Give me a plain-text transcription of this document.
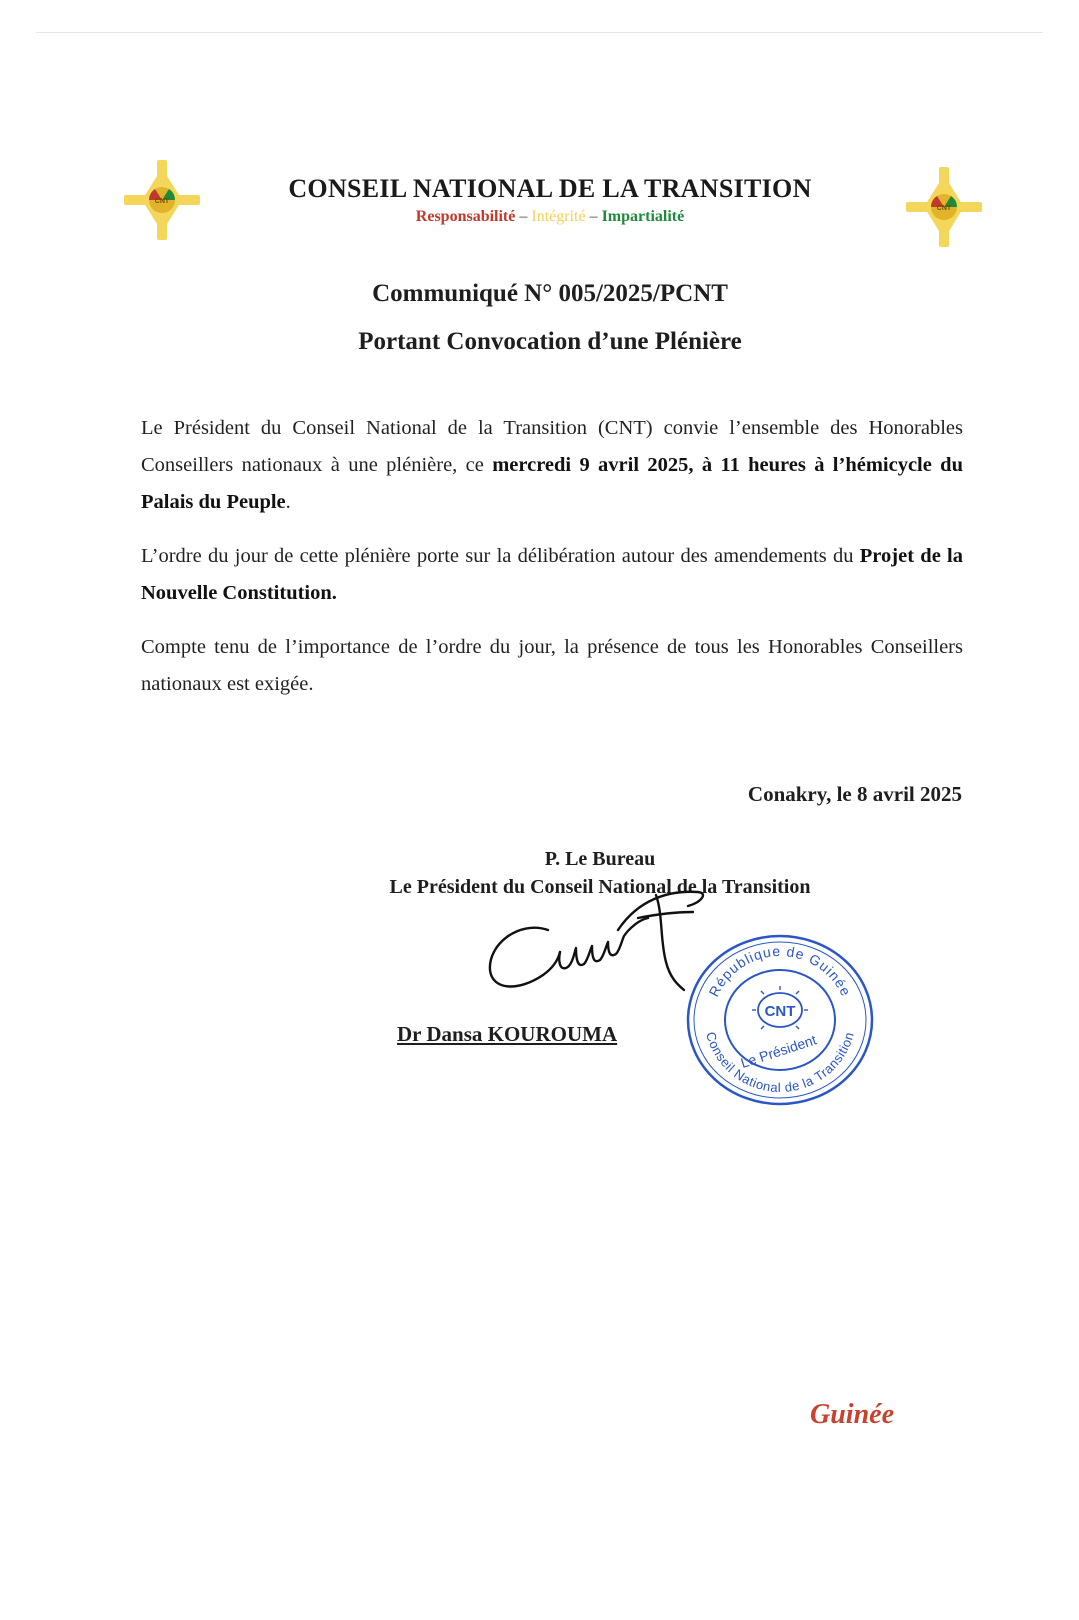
CNT
CNT
CONSEIL NATIONAL DE LA TRANSITION
Responsabilité – Intégrité – Impartialité
Communiqué N° 005/2025/PCNT
Portant Convocation d’une Plénière

Le Président du Conseil National de la Transition (CNT) convie l’ensemble des Honorables Conseillers nationaux à une plénière, ce mercredi 9 avril 2025, à 11 heures à l’hémicycle du Palais du Peuple.

L’ordre du jour de cette plénière porte sur la délibération autour des amendements du Projet de la Nouvelle Constitution.

Compte tenu de l’importance de l’ordre du jour, la présence de tous les Honorables Conseillers nationaux est exigée.

Conakry, le 8 avril 2025
P. Le Bureau
Le Président du Conseil National de la Transition
Dr Dansa KOUROUMA
République de Guinée
Conseil National de la Transition
CNT
Le Président
Guinée
